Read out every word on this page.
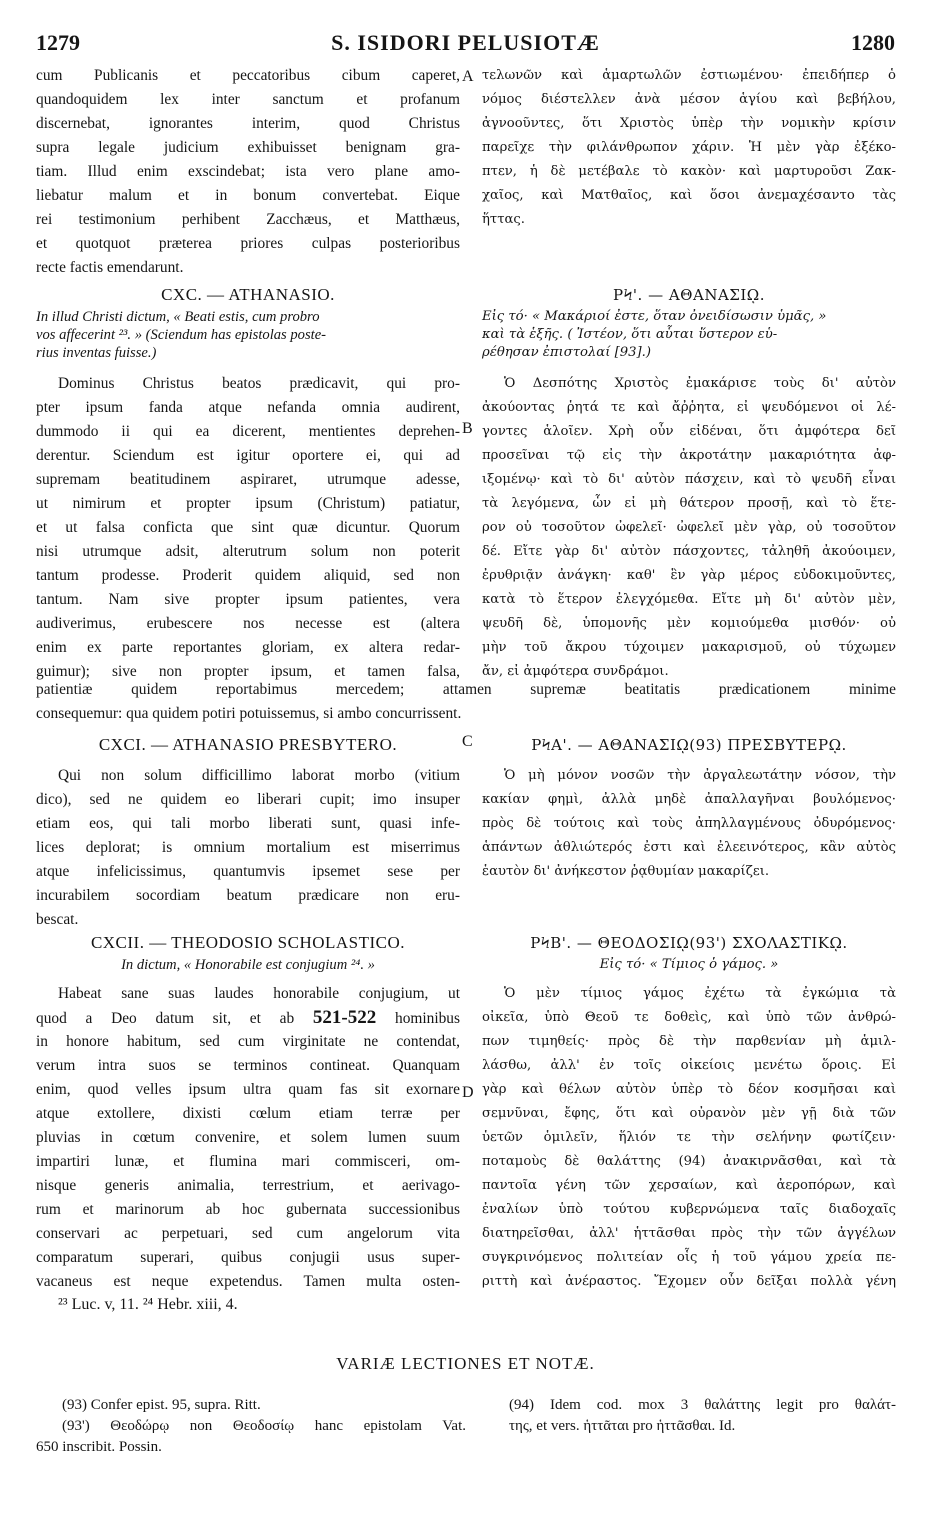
1279	S. ISIDORI PELUSIOTÆ	1280
A
B
C
D
cum Publicanis et peccatoribus cibum caperet,
quandoquidem lex inter sanctum et profanum
discernebat, ignorantes interim, quod Christus
supra legale judicium exhibuisset benignam gra-
tiam. Illud enim exscindebat; ista vero plane amo-
liebatur malum et in bonum convertebat. Eique
rei testimonium perhibent Zacchæus, et Matthæus,
et quotquot præterea priores culpas posterioribus
recte factis emendarunt.
τελωνῶν καὶ ἁμαρτωλῶν ἐστιωμένου· ἐπειδήπερ ὁ
νόμος διέστελλεν ἀνὰ μέσον ἁγίου καὶ βεβήλου,
ἀγνοοῦντες, ὅτι Χριστὸς ὑπὲρ τὴν νομικὴν κρίσιν
παρεῖχε τὴν φιλάνθρωπον χάριν. Ἡ μὲν γὰρ ἐξέκο-
πτεν, ἡ δὲ μετέβαλε τὸ κακὸν· καὶ μαρτυροῦσι Ζακ-
χαῖος, καὶ Ματθαῖος, καὶ ὅσοι ἀνεμαχέσαντο τὰς
ἥττας.
CXC. — ATHANASIO.
In illud Christi dictum, « Beati estis, cum probro
vos affecerint ²³. » (Sciendum has epistolas poste-
rius inventas fuisse.)
Dominus Christus beatos prædicavit, qui pro-
pter ipsum fanda atque nefanda omnia audirent,
dummodo ii qui ea dicerent, mentientes deprehen-
derentur. Sciendum est igitur oportere ei, qui ad
supremam beatitudinem aspiraret, utrumque adesse,
ut nimirum et propter ipsum (Christum) patiatur,
et ut falsa conficta que sint quæ dicuntur. Quorum
nisi utrumque adsit, alterutrum solum non poterit
tantum prodesse. Proderit quidem aliquid, sed non
tantum. Nam sive propter ipsum patientes, vera
audiverimus, erubescere nos necesse est (altera
enim ex parte reportantes gloriam, ex altera redar-
guimur); sive non propter ipsum, et tamen falsa,
ΡϞ'. — ΑΘΑΝΑΣΙῼ.
Εἰς τό· « Μακάριοί ἐστε, ὅταν ὀνειδίσωσιν ὑμᾶς, »
καὶ τὰ ἑξῆς. ( Ἰστέον, ὅτι αὗται ὕστερον εὑ-
ρέθησαν ἐπιστολαί [93].)
Ὁ Δεσπότης Χριστὸς ἐμακάρισε τοὺς δι' αὐτὸν
ἀκούοντας ῥητά τε καὶ ἄῤῥητα, εἰ ψευδόμενοι οἱ λέ-
γοντες ἁλοῖεν. Χρὴ οὖν εἰδέναι, ὅτι ἀμφότερα δεῖ
προσεῖναι τῷ εἰς τὴν ἀκροτάτην μακαριότητα ἀφ-
ιξομένῳ· καὶ τὸ δι' αὐτὸν πάσχειν, καὶ τὸ ψευδῆ εἶναι
τὰ λεγόμενα, ὧν εἰ μὴ θάτερον προσῇ, καὶ τὸ ἕτε-
ρον οὐ τοσοῦτον ὠφελεῖ· ὠφελεῖ μὲν γὰρ, οὐ τοσοῦτον
δέ. Εἴτε γὰρ δι' αὐτὸν πάσχοντες, τἀληθῆ ἀκούοιμεν,
ἐρυθριᾷν ἀνάγκη· καθ' ἓν γὰρ μέρος εὐδοκιμοῦντες,
κατὰ τὸ ἕτερον ἐλεγχόμεθα. Εἴτε μὴ δι' αὐτὸν μὲν,
ψευδῆ δὲ, ὑπομονῆς μὲν κομιούμεθα μισθόν· οὐ
μὴν τοῦ ἄκρου τύχοιμεν μακαρισμοῦ, οὐ τύχωμεν
ἄν, εἰ ἀμφότερα συνδράμοι.
patientiæ quidem reportabimus mercedem; attamen supremæ beatitatis prædicationem minime
consequemur: qua quidem potiri potuissemus, si ambo concurrissent.
CXCI. — ATHANASIO PRESBYTERO.
Qui non solum difficillimo laborat morbo (vitium
dico), sed ne quidem eo liberari cupit; imo insuper
etiam eos, qui tali morbo liberati sunt, quasi infe-
lices deplorat; is omnium mortalium est miserrimus
atque infelicissimus, quantumvis ipsemet sese per
incurabilem socordiam beatum prædicare non eru-
bescat.
ΡϞΑ'. — ΑΘΑΝΑΣΙῼ(93) ΠΡΕΣΒΥΤΕΡῼ.
Ὁ μὴ μόνον νοσῶν τὴν ἀργαλεωτάτην νόσον, τὴν
κακίαν φημὶ, ἀλλὰ μηδὲ ἀπαλλαγῆναι βουλόμενος·
πρὸς δὲ τούτοις καὶ τοὺς ἀπηλλαγμένους ὀδυρόμενος·
ἁπάντων ἀθλιώτερός ἐστι καὶ ἐλεεινότερος, κἂν αὐτὸς
ἑαυτὸν δι' ἀνήκεστον ῥᾳθυμίαν μακαρίζει.
CXCII. — THEODOSIO SCHOLASTICO.
In dictum, « Honorabile est conjugium ²⁴. »
Habeat sane suas laudes honorabile conjugium, ut
quod a Deo datum sit, et ab 521-522 hominibus
in honore habitum, sed cum virginitate ne contendat,
verum intra suos se terminos contineat. Quanquam
enim, quod velles ipsum ultra quam fas sit exornare
atque extollere, dixisti cœlum etiam terræ per
pluvias in cœtum convenire, et solem lumen suum
impartiri lunæ, et flumina mari commisceri, om-
nisque generis animalia, terrestrium, et aerivago-
rum et marinorum ab hoc gubernata successionibus
conservari ac perpetuari, sed cum angelorum vita
comparatum superari, quibus conjugii usus super-
vacaneus est neque expetendus. Tamen multa osten-
ΡϞΒ'. — ΘΕΟΔΟΣΙῼ(93') ΣΧΟΛΑΣΤΙΚῼ.
Εἰς τό· « Τίμιος ὁ γάμος. »
Ὁ μὲν τίμιος γάμος ἐχέτω τὰ ἐγκώμια τὰ
οἰκεῖα, ὑπὸ Θεοῦ τε δοθεὶς, καὶ ὑπὸ τῶν ἀνθρώ-
πων τιμηθείς· πρὸς δὲ τὴν παρθενίαν μὴ ἁμιλ-
λάσθω, ἀλλ' ἐν τοῖς οἰκείοις μενέτω ὅροις. Εἰ
γὰρ καὶ θέλων αὐτὸν ὑπὲρ τὸ δέον κοσμῆσαι καὶ
σεμνῦναι, ἔφης, ὅτι καὶ οὐρανὸν μὲν γῇ διὰ τῶν
ὑετῶν ὁμιλεῖν, ἥλιόν τε τὴν σελήνην φωτίζειν·
ποταμοὺς δὲ θαλάττης (94) ἀνακιρνᾶσθαι, καὶ τὰ
παντοῖα γένη τῶν χερσαίων, καὶ ἀεροπόρων, καὶ
ἐναλίων ὑπὸ τούτου κυβερνώμενα ταῖς διαδοχαῖς
διατηρεῖσθαι, ἀλλ' ἡττᾶσθαι πρὸς τὴν τῶν ἀγγέλων
συγκρινόμενος πολιτείαν οἷς ἡ τοῦ γάμου χρεία πε-
ριττὴ καὶ ἀνέραστος. Ἔχομεν οὖν δεῖξαι πολλὰ γένη
²³ Luc. v, 11. ²⁴ Hebr. xiii, 4.
VARIÆ LECTIONES ET NOTÆ.
(93) Confer epist. 95, supra. Ritt.
(93') Θεοδώρῳ non Θεοδοσίῳ hanc epistolam Vat.
650 inscribit. Possin.
(94) Idem cod. mox 3 θαλάττης legit pro θαλάτ-
της, et vers. ἡττᾶται pro ἡττᾶσθαι. Id.
